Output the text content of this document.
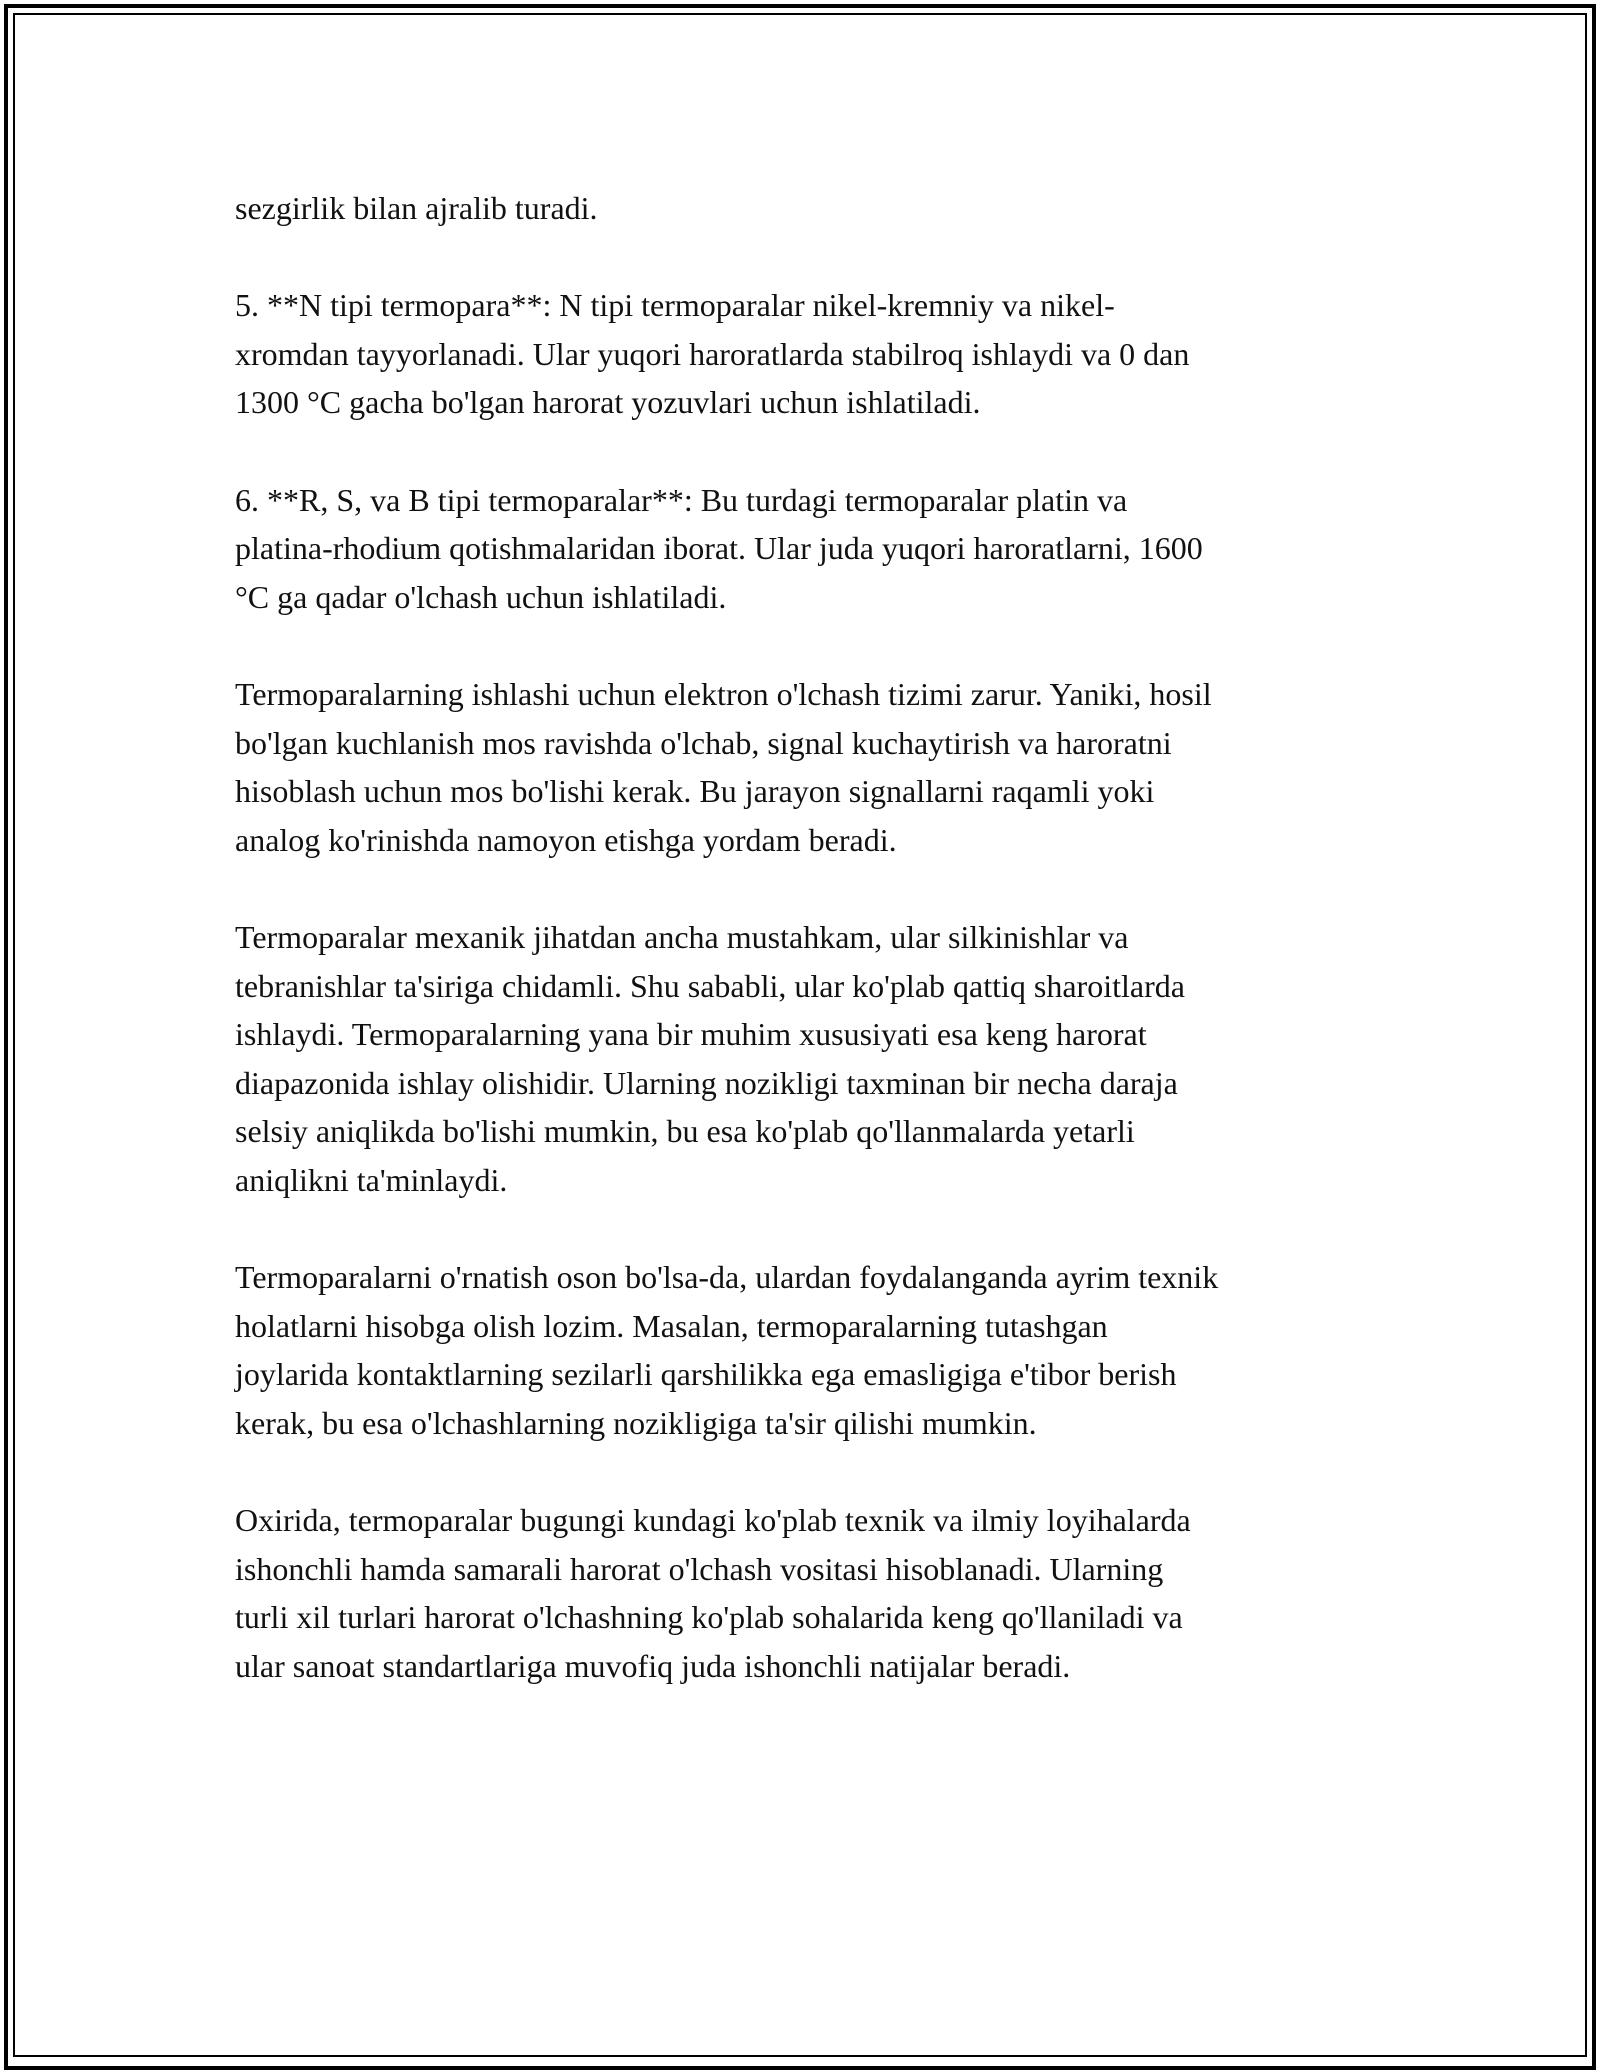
sezgirlik bilan ajralib turadi.

5. **N tipi termopara**: N tipi termoparalar nikel-kremniy va nikel-
xromdan tayyorlanadi. Ular yuqori haroratlarda stabilroq ishlaydi va 0 dan
1300 °C gacha bo'lgan harorat yozuvlari uchun ishlatiladi.

6. **R, S, va B tipi termoparalar**: Bu turdagi termoparalar platin va
platina-rhodium qotishmalaridan iborat. Ular juda yuqori haroratlarni, 1600
°C ga qadar o'lchash uchun ishlatiladi.

Termoparalarning ishlashi uchun elektron o'lchash tizimi zarur. Yaniki, hosil
bo'lgan kuchlanish mos ravishda o'lchab, signal kuchaytirish va haroratni
hisoblash uchun mos bo'lishi kerak. Bu jarayon signallarni raqamli yoki
analog ko'rinishda namoyon etishga yordam beradi.

Termoparalar mexanik jihatdan ancha mustahkam, ular silkinishlar va
tebranishlar ta'siriga chidamli. Shu sababli, ular ko'plab qattiq sharoitlarda
ishlaydi. Termoparalarning yana bir muhim xususiyati esa keng harorat
diapazonida ishlay olishidir. Ularning nozikligi taxminan bir necha daraja
selsiy aniqlikda bo'lishi mumkin, bu esa ko'plab qo'llanmalarda yetarli
aniqlikni ta'minlaydi.

Termoparalarni o'rnatish oson bo'lsa-da, ulardan foydalanganda ayrim texnik
holatlarni hisobga olish lozim. Masalan, termoparalarning tutashgan
joylarida kontaktlarning sezilarli qarshilikka ega emasligiga e'tibor berish
kerak, bu esa o'lchashlarning nozikligiga ta'sir qilishi mumkin.

Oxirida, termoparalar bugungi kundagi ko'plab texnik va ilmiy loyihalarda
ishonchli hamda samarali harorat o'lchash vositasi hisoblanadi. Ularning
turli xil turlari harorat o'lchashning ko'plab sohalarida keng qo'llaniladi va
ular sanoat standartlariga muvofiq juda ishonchli natijalar beradi.
